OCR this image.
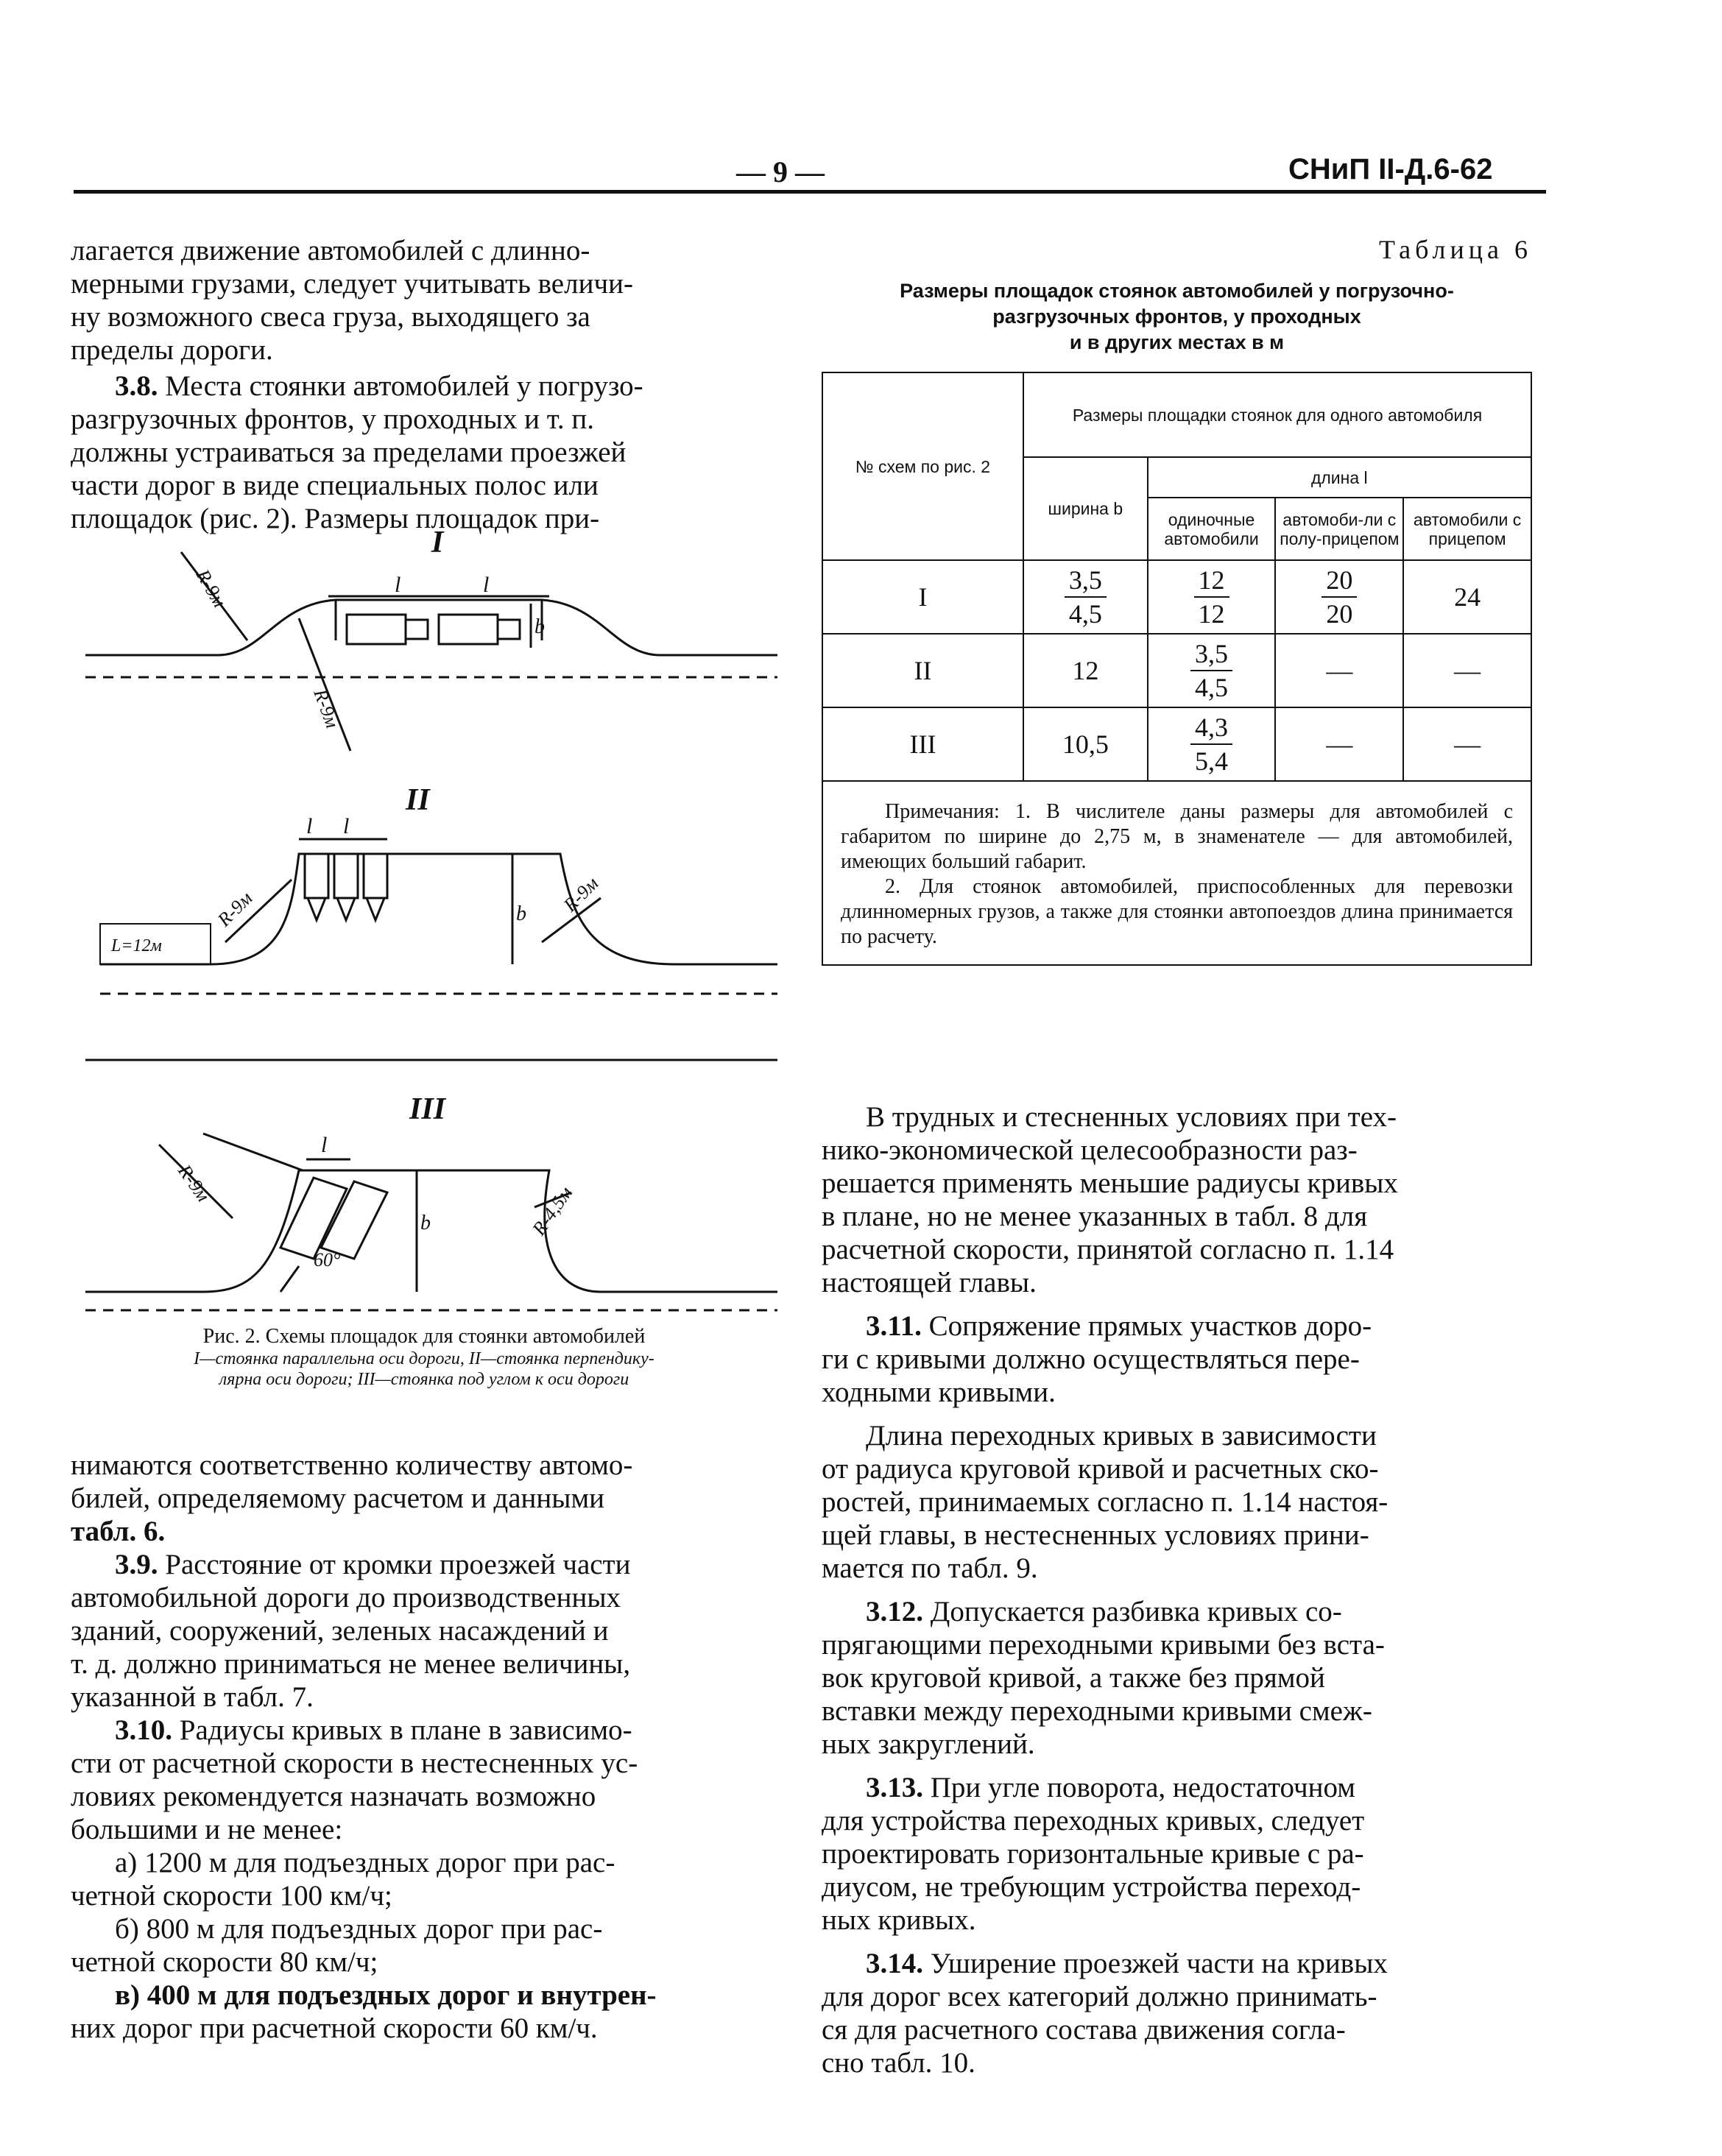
— 9 —	СНиП II-Д.6-62
лагается движение автомобилей с длинно-
мерными грузами, следует учитывать величи-
ну возможного свеса груза, выходящего за
пределы дороги.
3.8. Места стоянки автомобилей у погрузо-
разгрузочных фронтов, у проходных и т. п.
должны устраиваться за пределами проезжей
части дорог в виде специальных полос или
площадок (рис. 2). Размеры площадок при-
I
l	l
b
R-9м
R-9м
II
l l
b
L=12м
R-9м	R-9м
III
l
b
60°
R-9м	R-4,5м
Рис. 2. Схемы площадок для стоянки автомобилей
I—стоянка параллельна оси дороги, II—стоянка перпендику-
лярна оси дороги; III—стоянка под углом к оси дороги
нимаются соответственно количеству автомо-
билей, определяемому расчетом и данными
табл. 6.
3.9. Расстояние от кромки проезжей части
автомобильной дороги до производственных
зданий, сооружений, зеленых насаждений и
т. д. должно приниматься не менее величины,
указанной в табл. 7.
3.10. Радиусы кривых в плане в зависимо-
сти от расчетной скорости в нестесненных ус-
ловиях рекомендуется назначать возможно
большими и не менее:
а) 1200 м для подъездных дорог при рас-
четной скорости 100 км/ч;
б) 800 м для подъездных дорог при рас-
четной скорости 80 км/ч;
в) 400 м для подъездных дорог и внутрен-
них дорог при расчетной скорости 60 км/ч.
Таблица 6
Размеры площадок стоянок автомобилей у погрузочно-
разгрузочных фронтов, у проходных
и в других местах в м
№ схем по рис. 2	Размеры площадки стоянок для одного автомобиля			
	ширина b	длина l		
		одиночные автомобили	автомоби-ли с полу-прицепом	автомобили с прицепом
I	$\frac{3,5}{4,5}$	$\frac{12}{12}$	$\frac{20}{20}$	24
II	12	$\frac{3,5}{4,5}$	—	—
III	10,5	$\frac{4,3}{5,4}$	—	—

Примечания: 1. В числителе даны размеры для автомобилей с габаритом по ширине до 2,75 м, в знаменателе — для автомобилей, имеющих больший габарит.

2. Для стоянок автомобилей, приспособленных для перевозки длинномерных грузов, а также для стоянки автопоездов длина принимается по расчету.				

В трудных и стесненных условиях при тех-
нико-экономической целесообразности раз-
решается применять меньшие радиусы кривых
в плане, но не менее указанных в табл. 8 для
расчетной скорости, принятой согласно п. 1.14
настоящей главы.
3.11. Сопряжение прямых участков доро-
ги с кривыми должно осуществляться пере-
ходными кривыми.
Длина переходных кривых в зависимости
от радиуса круговой кривой и расчетных ско-
ростей, принимаемых согласно п. 1.14 настоя-
щей главы, в нестесненных условиях прини-
мается по табл. 9.
3.12. Допускается разбивка кривых со-
прягающими переходными кривыми без вста-
вок круговой кривой, а также без прямой
вставки между переходными кривыми смеж-
ных закруглений.
3.13. При угле поворота, недостаточном
для устройства переходных кривых, следует
проектировать горизонтальные кривые с ра-
диусом, не требующим устройства переход-
ных кривых.
3.14. Уширение проезжей части на кривых
для дорог всех категорий должно принимать-
ся для расчетного состава движения согла-
сно табл. 10.
